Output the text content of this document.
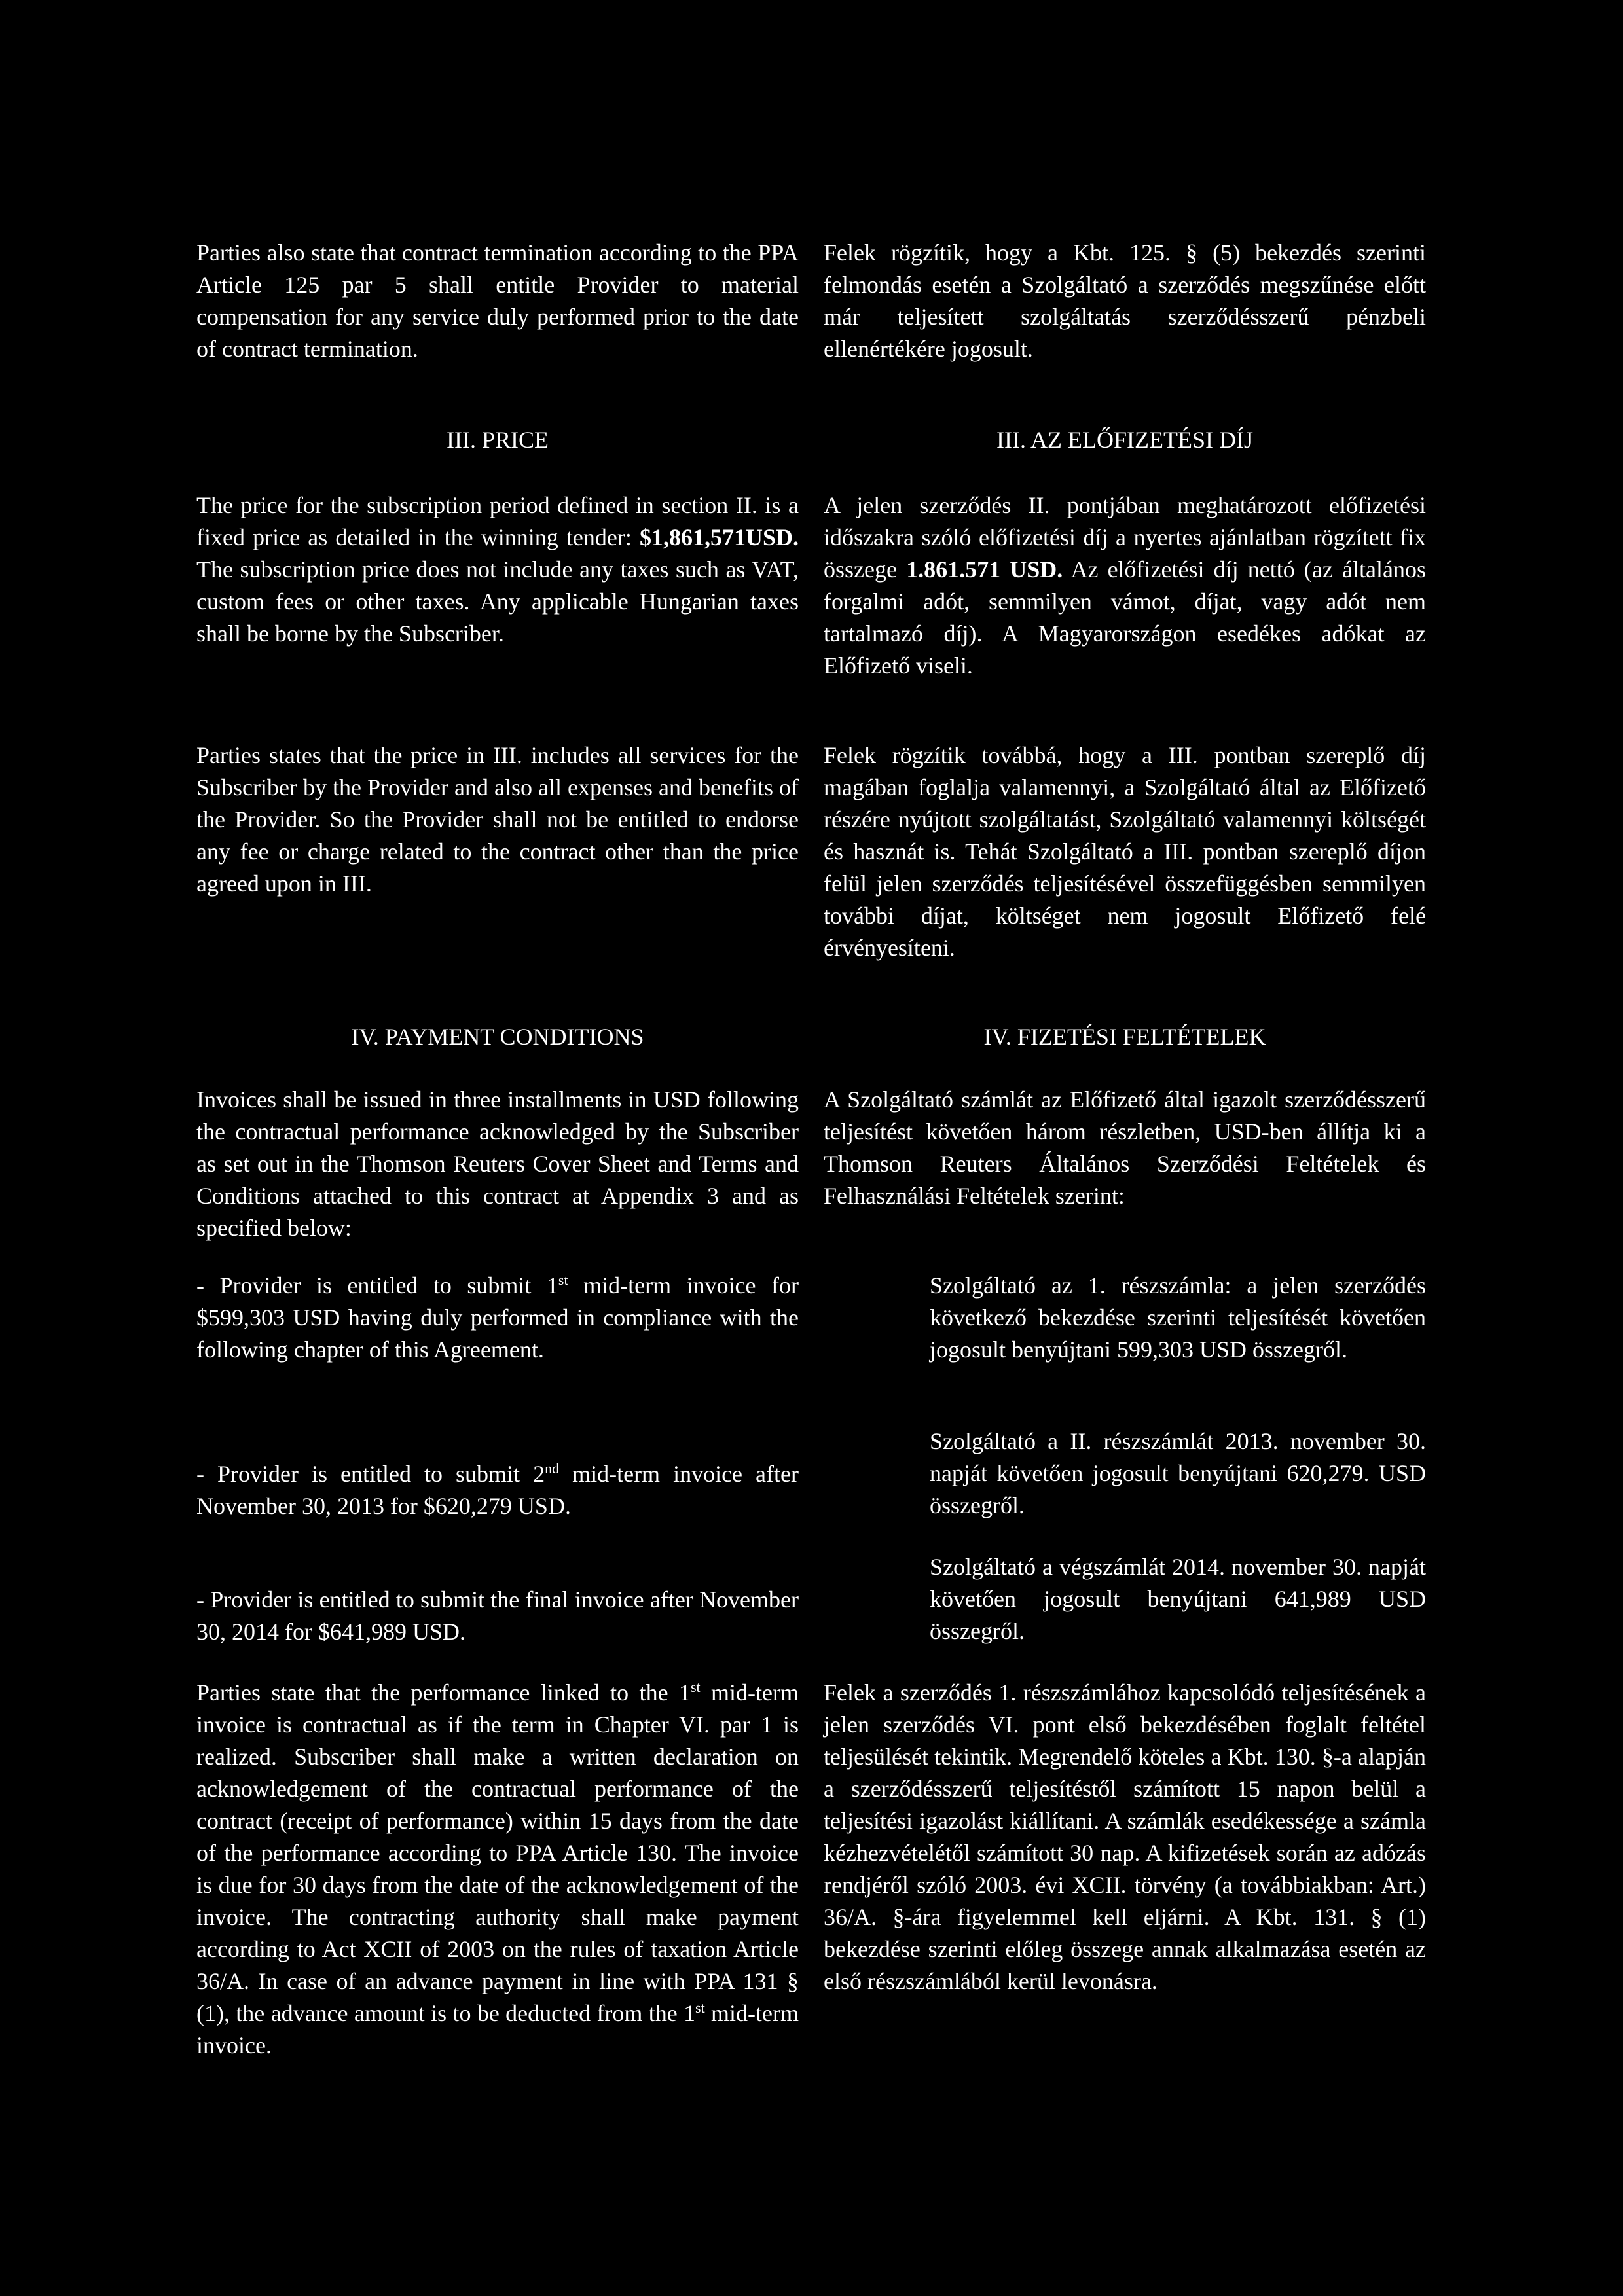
Parties also state that contract termination according to the PPA Article 125 par 5 shall entitle Provider to material compensation for any service duly performed prior to the date of contract termination.

III. PRICE

The price for the subscription period defined in section II. is a fixed price as detailed in the winning tender: $1,861,571USD. The subscription price does not include any taxes such as VAT, custom fees or other taxes. Any applicable Hungarian taxes shall be borne by the Subscriber.

Parties states that the price in III. includes all services for the Subscriber by the Provider and also all expenses and benefits of the Provider. So the Provider shall not be entitled to endorse any fee or charge related to the contract other than the price agreed upon in III.

IV. PAYMENT CONDITIONS

Invoices shall be issued in three installments in USD following the contractual performance acknowledged by the Subscriber as set out in the Thomson Reuters Cover Sheet and Terms and Conditions attached to this contract at Appendix 3 and as specified below:

- Provider is entitled to submit 1st mid-term invoice for $599,303 USD having duly performed in compliance with the following chapter of this Agreement.

- Provider is entitled to submit 2nd mid-term invoice after November 30, 2013 for $620,279 USD.

- Provider is entitled to submit the final invoice after November 30, 2014 for $641,989 USD.

Parties state that the performance linked to the 1st mid-term invoice is contractual as if the term in Chapter VI. par 1 is realized. Subscriber shall make a written declaration on acknowledgement of the contractual performance of the contract (receipt of performance) within 15 days from the date of the performance according to PPA Article 130. The invoice is due for 30 days from the date of the acknowledgement of the invoice. The contracting authority shall make payment according to Act XCII of 2003 on the rules of taxation Article 36/A. In case of an advance payment in line with PPA 131 § (1), the advance amount is to be deducted from the 1st mid-term invoice.

Felek rögzítik, hogy a Kbt. 125. § (5) bekezdés szerinti felmondás esetén a Szolgáltató a szerződés megszűnése előtt már teljesített szolgáltatás szerződésszerű pénzbeli ellenértékére jogosult.

III. AZ ELŐFIZETÉSI DÍJ

A jelen szerződés II. pontjában meghatározott előfizetési időszakra szóló előfizetési díj a nyertes ajánlatban rögzített fix összege 1.861.571 USD. Az előfizetési díj nettó (az általános forgalmi adót, semmilyen vámot, díjat, vagy adót nem tartalmazó díj). A Magyarországon esedékes adókat az Előfizető viseli.

Felek rögzítik továbbá, hogy a III. pontban szereplő díj magában foglalja valamennyi, a Szolgáltató által az Előfizető részére nyújtott szolgáltatást, Szolgáltató valamennyi költségét és hasznát is. Tehát Szolgáltató a III. pontban szereplő díjon felül jelen szerződés teljesítésével összefüggésben semmilyen további díjat, költséget nem jogosult Előfizető felé érvényesíteni.

IV. FIZETÉSI FELTÉTELEK

A Szolgáltató számlát az Előfizető által igazolt szerződésszerű teljesítést követően három részletben, USD-ben állítja ki a Thomson Reuters Általános Szerződési Feltételek és Felhasználási Feltételek szerint:

Szolgáltató az 1. részszámla: a jelen szerződés következő bekezdése szerinti teljesítését követően jogosult benyújtani 599,303 USD összegről.

Szolgáltató a II. részszámlát 2013. november 30. napját követően jogosult benyújtani 620,279. USD összegről.

Szolgáltató a végszámlát 2014. november 30. napját követően jogosult benyújtani 641,989 USD összegről.

Felek a szerződés 1. részszámlához kapcsolódó teljesítésének a jelen szerződés VI. pont első bekezdésében foglalt feltétel teljesülését tekintik. Megrendelő köteles a Kbt. 130. §-a alapján a szerződésszerű teljesítéstől számított 15 napon belül a teljesítési igazolást kiállítani. A számlák esedékessége a számla kézhezvételétől számított 30 nap. A kifizetések során az adózás rendjéről szóló 2003. évi XCII. törvény (a továbbiakban: Art.) 36/A. §-ára figyelemmel kell eljárni. A Kbt. 131. § (1) bekezdése szerinti előleg összege annak alkalmazása esetén az első részszámlából kerül levonásra.
